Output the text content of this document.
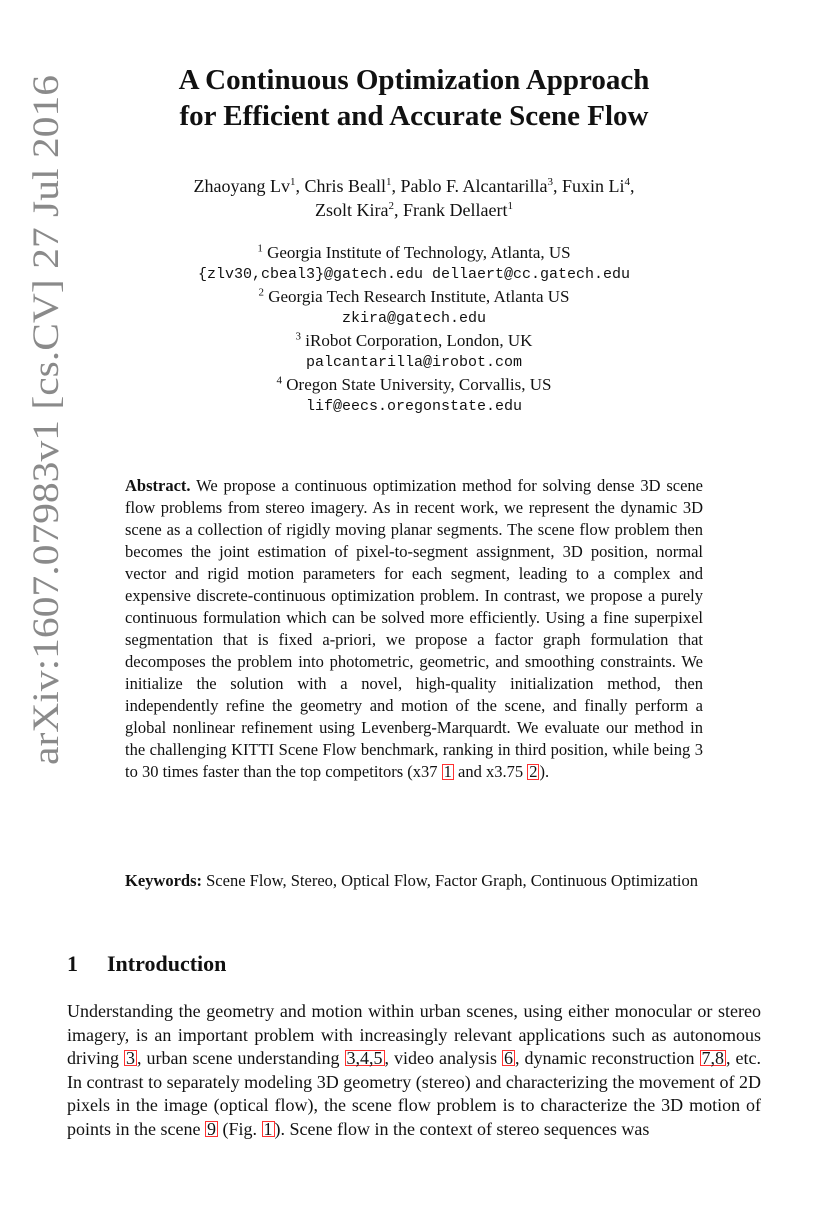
arXiv:1607.07983v1 [cs.CV] 27 Jul 2016
A Continuous Optimization Approach
for Efficient and Accurate Scene Flow
Zhaoyang Lv$^1$, Chris Beall$^1$, Pablo F. Alcantarilla$^3$, Fuxin Li$^4$,
Zsolt Kira$^2$, Frank Dellaert$^1$
$^1$ Georgia Institute of Technology, Atlanta, US
{zlv30,cbeal3}@gatech.edu dellaert@cc.gatech.edu
$^2$ Georgia Tech Research Institute, Atlanta US
zkira@gatech.edu
$^3$ iRobot Corporation, London, UK
palcantarilla@irobot.com
$^4$ Oregon State University, Corvallis, US
lif@eecs.oregonstate.edu
Abstract. We propose a continuous optimization method for solving dense 3D scene flow problems from stereo imagery. As in recent work, we represent the dynamic 3D scene as a collection of rigidly moving planar segments. The scene flow problem then becomes the joint estimation of pixel-to-segment assignment, 3D position, normal vector and rigid motion parameters for each segment, leading to a complex and expensive discrete-continuous optimization problem. In contrast, we propose a purely continuous formulation which can be solved more efficiently. Using a fine superpixel segmentation that is fixed a-priori, we propose a factor graph formulation that decomposes the problem into photometric, geometric, and smoothing constraints. We initialize the solution with a novel, high-quality initialization method, then independently refine the geometry and motion of the scene, and finally perform a global nonlinear refinement using Levenberg-Marquardt. We evaluate our method in the challenging KITTI Scene Flow benchmark, ranking in third position, while being 3 to 30 times faster than the top competitors (x37 1 and x3.75 2 ).
Keywords: Scene Flow, Stereo, Optical Flow, Factor Graph, Continuous Optimization
1 Introduction
Understanding the geometry and motion within urban scenes, using either monocular or stereo imagery, is an important problem with increasingly relevant applications such as autonomous driving 3 , urban scene understanding 3,4,5 , video analysis 6 , dynamic reconstruction 7,8 , etc. In contrast to separately modeling 3D geometry (stereo) and characterizing the movement of 2D pixels in the image (optical flow), the scene flow problem is to characterize the 3D motion of points in the scene 9 (Fig. 1 ). Scene flow in the context of stereo sequences was
